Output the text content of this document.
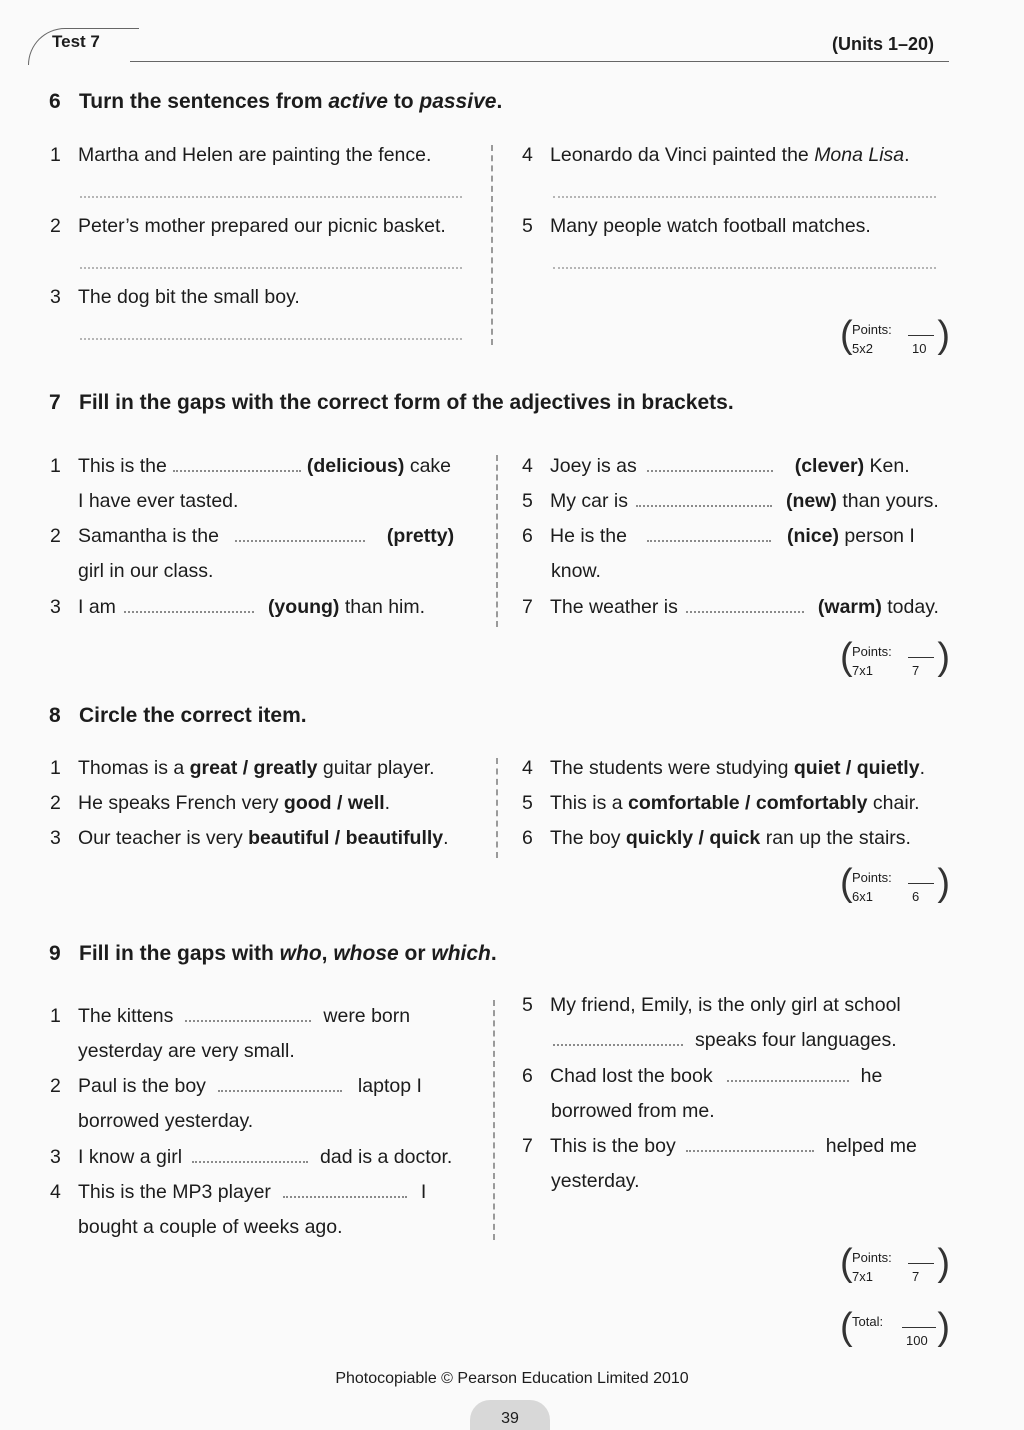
Test 7	(Units 1–20)
6 Turn the sentences from active to passive.
1 Martha and Helen are painting the fence.
2 Peter’s mother prepared our picnic basket.
3 The dog bit the small boy.
4 Leonardo da Vinci painted the Mona Lisa.
5 Many people watch football matches.
( Points:
5x2	10 )
7 Fill in the gaps with the correct form of the adjectives in brackets.
1 This is the	(delicious) cake
I have ever tasted.
2 Samantha is the	(pretty)
girl in our class.
3 I am	(young) than him.
4 Joey is as	(clever) Ken.
5 My car is	(new) than yours.
6 He is the	(nice) person I
know.
7 The weather is	(warm) today.
( Points:
7x1	7 )
8 Circle the correct item.
1 Thomas is a great / greatly guitar player.
2 He speaks French very good / well.
3 Our teacher is very beautiful / beautifully.
4 The students were studying quiet / quietly.
5 This is a comfortable / comfortably chair.
6 The boy quickly / quick ran up the stairs.
( Points:
6x1	6 )
9 Fill in the gaps with who, whose or which.
1 The kittens	were born
yesterday are very small.
2 Paul is the boy	laptop I
borrowed yesterday.
3 I know a girl	dad is a doctor.
4 This is the MP3 player	I
bought a couple of weeks ago.
5 My friend, Emily, is the only girl at school
speaks four languages.
6 Chad lost the book	he
borrowed from me.
7 This is the boy	helped me
yesterday.
( Points:
7x1	7 )
( Total:
100 )
Photocopiable © Pearson Education Limited 2010
39
